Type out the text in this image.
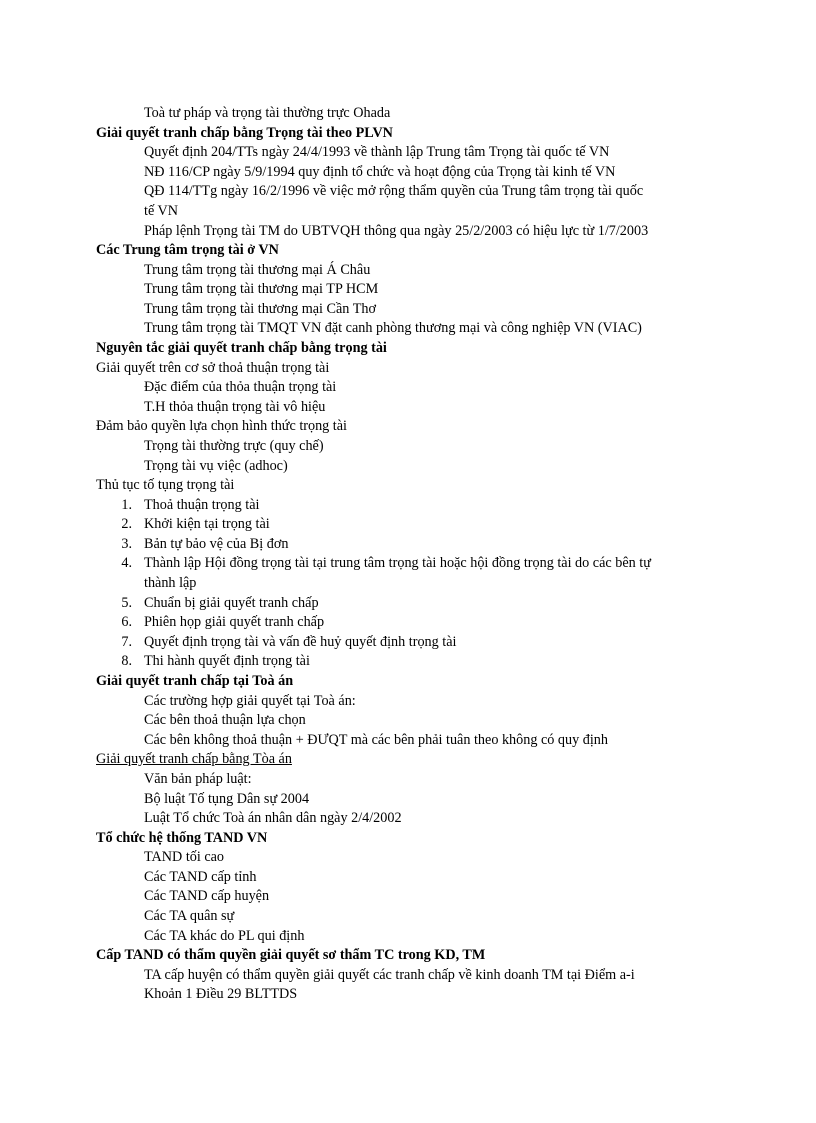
Toà tư pháp và trọng tài thường trực Ohada
Giải quyết tranh chấp bằng Trọng tài theo PLVN
Quyết định 204/TTs ngày 24/4/1993 về thành lập Trung tâm Trọng tài quốc tế VN
NĐ 116/CP ngày 5/9/1994 quy định tổ chức và hoạt động của Trọng tài kinh tế VN
QĐ 114/TTg ngày 16/2/1996 về việc mở rộng thẩm quyền của Trung tâm trọng tài quốc
tế VN
Pháp lệnh Trọng tài TM do UBTVQH thông qua ngày 25/2/2003 có hiệu lực từ 1/7/2003
Các Trung tâm trọng tài ở VN
Trung tâm trọng tài thương mại Á Châu
Trung tâm trọng tài thương mại TP HCM
Trung tâm trọng tài thương mại Cần Thơ
Trung tâm trọng tài TMQT VN đặt canh phòng thương mại và công nghiệp VN (VIAC)
Nguyên tắc giải quyết tranh chấp bằng trọng tài
Giải quyết trên cơ sở thoả thuận trọng tài
Đặc điểm của thỏa thuận trọng tài
T.H thỏa thuận trọng tài vô hiệu
Đảm bảo quyền lựa chọn hình thức trọng tài
Trọng tài thường trực (quy chế)
Trọng tài vụ việc (adhoc)
Thủ tục tố tụng trọng tài
1. Thoả thuận trọng tài
2. Khởi kiện tại trọng tài
3. Bản tự bảo vệ của Bị đơn
4. Thành lập Hội đồng trọng tài tại trung tâm trọng tài hoặc hội đồng trọng tài do các bên tự
thành lập
5. Chuẩn bị giải quyết tranh chấp
6. Phiên họp giải quyết tranh chấp
7. Quyết định trọng tài và vấn đề huỷ quyết định trọng tài
8. Thi hành quyết định trọng tài
Giải quyết tranh chấp tại Toà án
Các trường hợp giải quyết tại Toà án:
Các bên thoả thuận lựa chọn
Các bên không thoả thuận + ĐƯQT mà các bên phải tuân theo không có quy định
Giải quyết tranh chấp bằng Tòa án
Văn bản pháp luật:
Bộ luật Tố tụng Dân sự 2004
Luật Tổ chức Toà án nhân dân ngày 2/4/2002
Tổ chức hệ thống TAND VN
TAND tối cao
Các TAND cấp tỉnh
Các TAND cấp huyện
Các TA quân sự
Các TA khác do PL qui định
Cấp TAND có thẩm quyền giải quyết sơ thẩm TC trong KD, TM
TA cấp huyện có thẩm quyền giải quyết các tranh chấp về kinh doanh TM tại Điểm a-i
Khoản 1 Điều 29 BLTTDS
